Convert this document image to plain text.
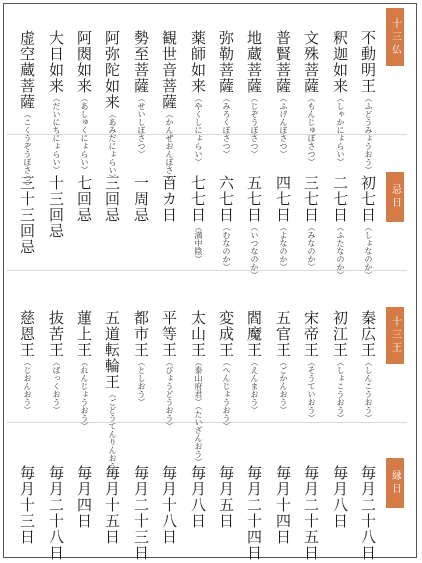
十三仏
忌日
十三王
縁日
不動明王（ふどうみょうおう）
初七日（しょなのか）
秦広王（しんこうおう）
毎月二十八日
釈迦如来（しゃかにょらい）
二七日（ふたなのか）
初江王（しょこうおう）
毎月八日
文殊菩薩（もんじゅぼさつ）
三七日（みなのか）
宋帝王（そうていおう）
毎月二十五日
普賢菩薩（ふげんぼさつ）
四七日（よなのか）
五官王（ごかんおう）
毎月十四日
地蔵菩薩（じぞうぼさつ）
五七日（いつなのか）
閻魔王（えんまおう）
毎月二十四日
弥勒菩薩（みろくぼさつ）
六七日（むなのか）
変成王（へんじょうおう）
毎月五日
薬師如来（やくしにょらい）
七七日（満中陰）
太山王（泰山府君）（たいざんおう）
毎月八日
観世音菩薩（かんぜおんぼさつ）
百カ日
平等王（びょうどうおう）
毎月十八日
勢至菩薩（せいしぼさつ）
一周忌
都市王（としおう）
毎月二十三日
阿弥陀如来（あみだにょらい）
三回忌
五道転輪王（ごどうてんりんおう）
毎月十五日
阿閦如来（あしゅくにょらい）
七回忌
蓮上王（れんじょうおう）
毎月四日
大日如来（だいにちにょらい）
十三回忌
抜苦王（ばっくおう）
毎月二十八日
虚空蔵菩薩（こくうぞうぼさつ）
三十三回忌
慈恩王（じおんおう）
毎月十三日
